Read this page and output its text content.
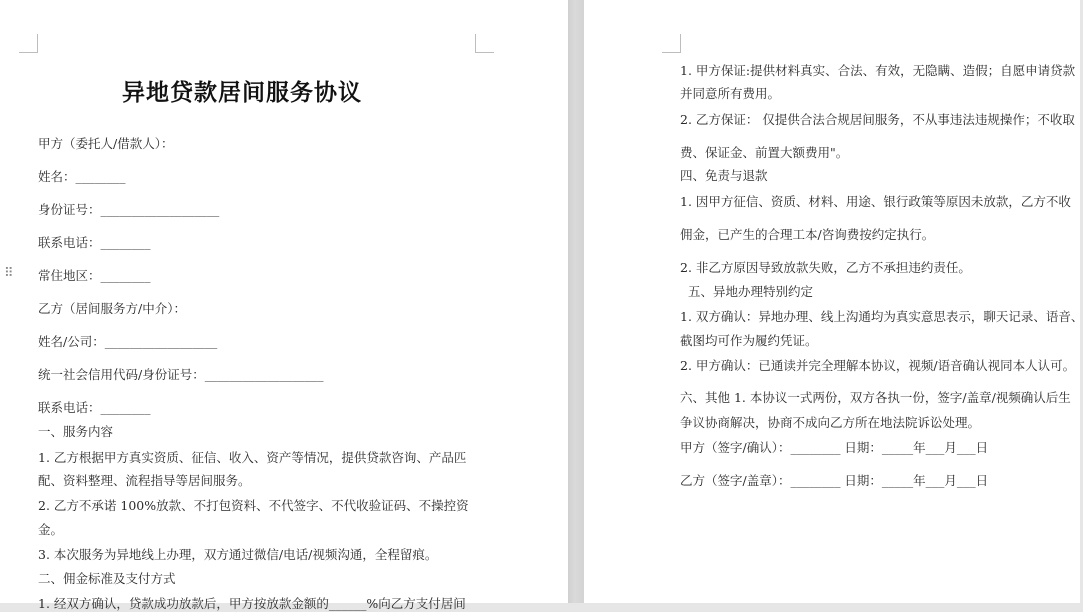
异地贷款居间服务协议
甲方（委托人/借款人）：
姓名：________
身份证号：___________________
联系电话：________
常住地区：________
乙方（居间服务方/中介）：
姓名/公司：__________________
统一社会信用代码/身份证号：___________________
联系电话：________
一、服务内容
1. 乙方根据甲方真实资质、征信、收入、资产等情况，提供贷款咨询、产品匹
配、资料整理、流程指导等居间服务。
2. 乙方不承诺 100%放款、不打包资料、不代签字、不代收验证码、不操控资
金。
3. 本次服务为异地线上办理，双方通过微信/电话/视频沟通，全程留痕。
二、佣金标准及支付方式
1. 经双方确认，贷款成功放款后，甲方按放款金额的______%向乙方支付居间
⠿
1. 甲方保证:提供材料真实、合法、有效，无隐瞒、造假；自愿申请贷款
并同意所有费用。
2. 乙方保证： 仅提供合法合规居间服务，不从事违法违规操作；不收取
费、保证金、前置大额费用"。
四、免责与退款
1. 因甲方征信、资质、材料、用途、银行政策等原因未放款，乙方不收
佣金，已产生的合理工本/咨询费按约定执行。
2. 非乙方原因导致放款失败，乙方不承担违约责任。
五、异地办理特别约定
1. 双方确认：异地办理、线上沟通均为真实意思表示，聊天记录、语音、
截图均可作为履约凭证。
2. 甲方确认：已通读并完全理解本协议，视频/语音确认视同本人认可。
六、其他 1. 本协议一式两份，双方各执一份，签字/盖章/视频确认后生
争议协商解决，协商不成向乙方所在地法院诉讼处理。
甲方（签字/确认）：________ 日期：_____年___月___日
乙方（签字/盖章）：________ 日期：_____年___月___日
